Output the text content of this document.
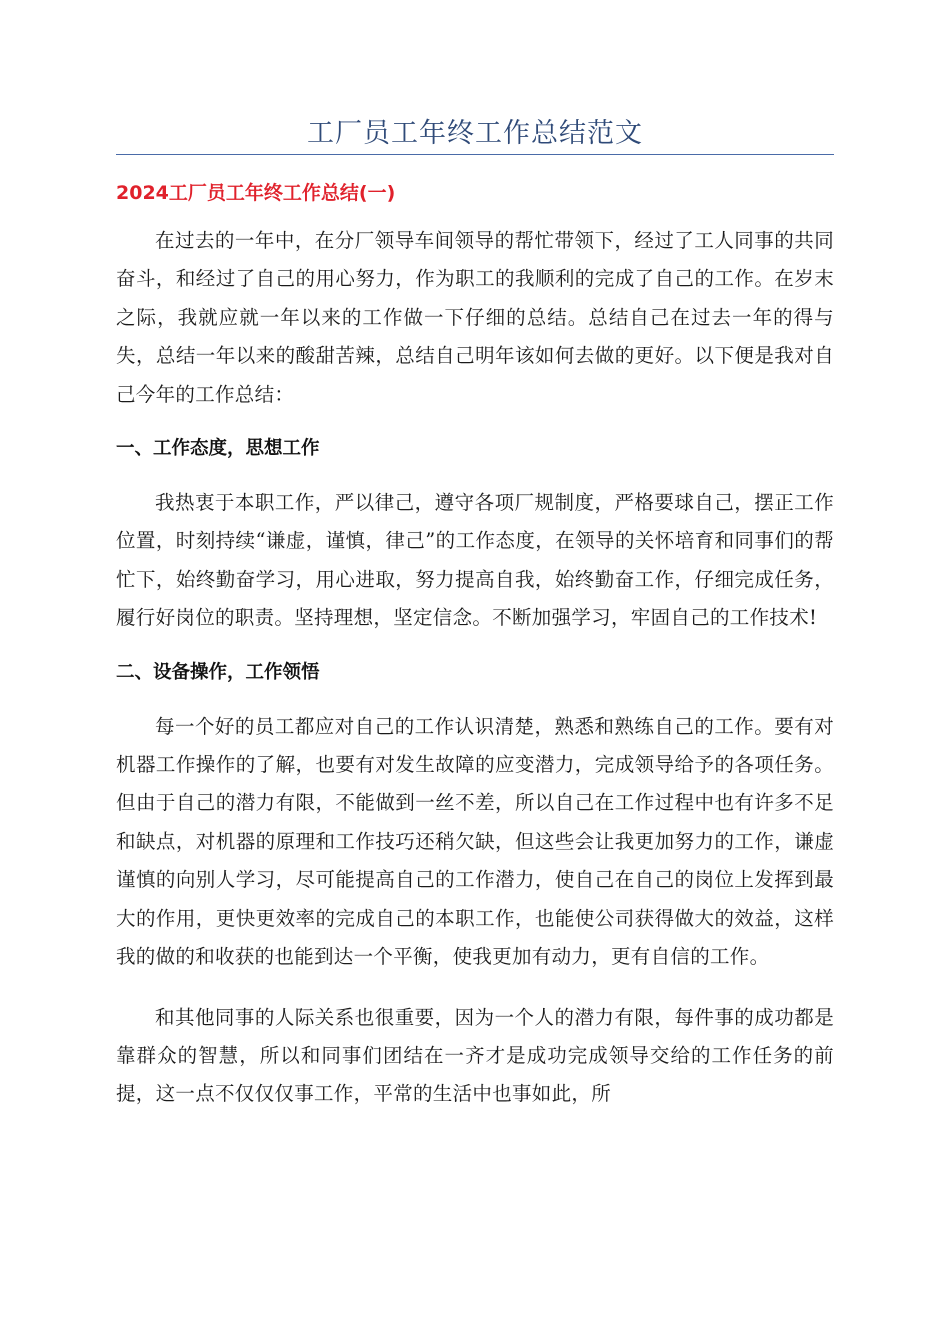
工厂员工年终工作总结范文
2024工厂员工年终工作总结(一)

在过去的一年中，在分厂领导车间领导的帮忙带领下，经过了工人同事的共同奋斗，和经过了自己的用心努力，作为职工的我顺利的完成了自己的工作。在岁末之际，我就应就一年以来的工作做一下仔细的总结。总结自己在过去一年的得与失，总结一年以来的酸甜苦辣，总结自己明年该如何去做的更好。以下便是我对自己今年的工作总结：

一、工作态度，思想工作

我热衷于本职工作，严以律己，遵守各项厂规制度，严格要球自己，摆正工作位置，时刻持续“谦虚，谨慎，律己”的工作态度，在领导的关怀培育和同事们的帮忙下，始终勤奋学习，用心进取，努力提高自我，始终勤奋工作，仔细完成任务，履行好岗位的职责。坚持理想，坚定信念。不断加强学习，牢固自己的工作技术!

二、设备操作，工作领悟

每一个好的员工都应对自己的工作认识清楚，熟悉和熟练自己的工作。要有对机器工作操作的了解，也要有对发生故障的应变潜力，完成领导给予的各项任务。但由于自己的潜力有限，不能做到一丝不差，所以自己在工作过程中也有许多不足和缺点，对机器的原理和工作技巧还稍欠缺，但这些会让我更加努力的工作，谦虚谨慎的向别人学习，尽可能提高自己的工作潜力，使自己在自己的岗位上发挥到最大的作用，更快更效率的完成自己的本职工作，也能使公司获得做大的效益，这样我的做的和收获的也能到达一个平衡，使我更加有动力，更有自信的工作。

和其他同事的人际关系也很重要，因为一个人的潜力有限，每件事的成功都是靠群众的智慧，所以和同事们团结在一齐才是成功完成领导交给的工作任务的前提，这一点不仅仅仅事工作，平常的生活中也事如此，所
